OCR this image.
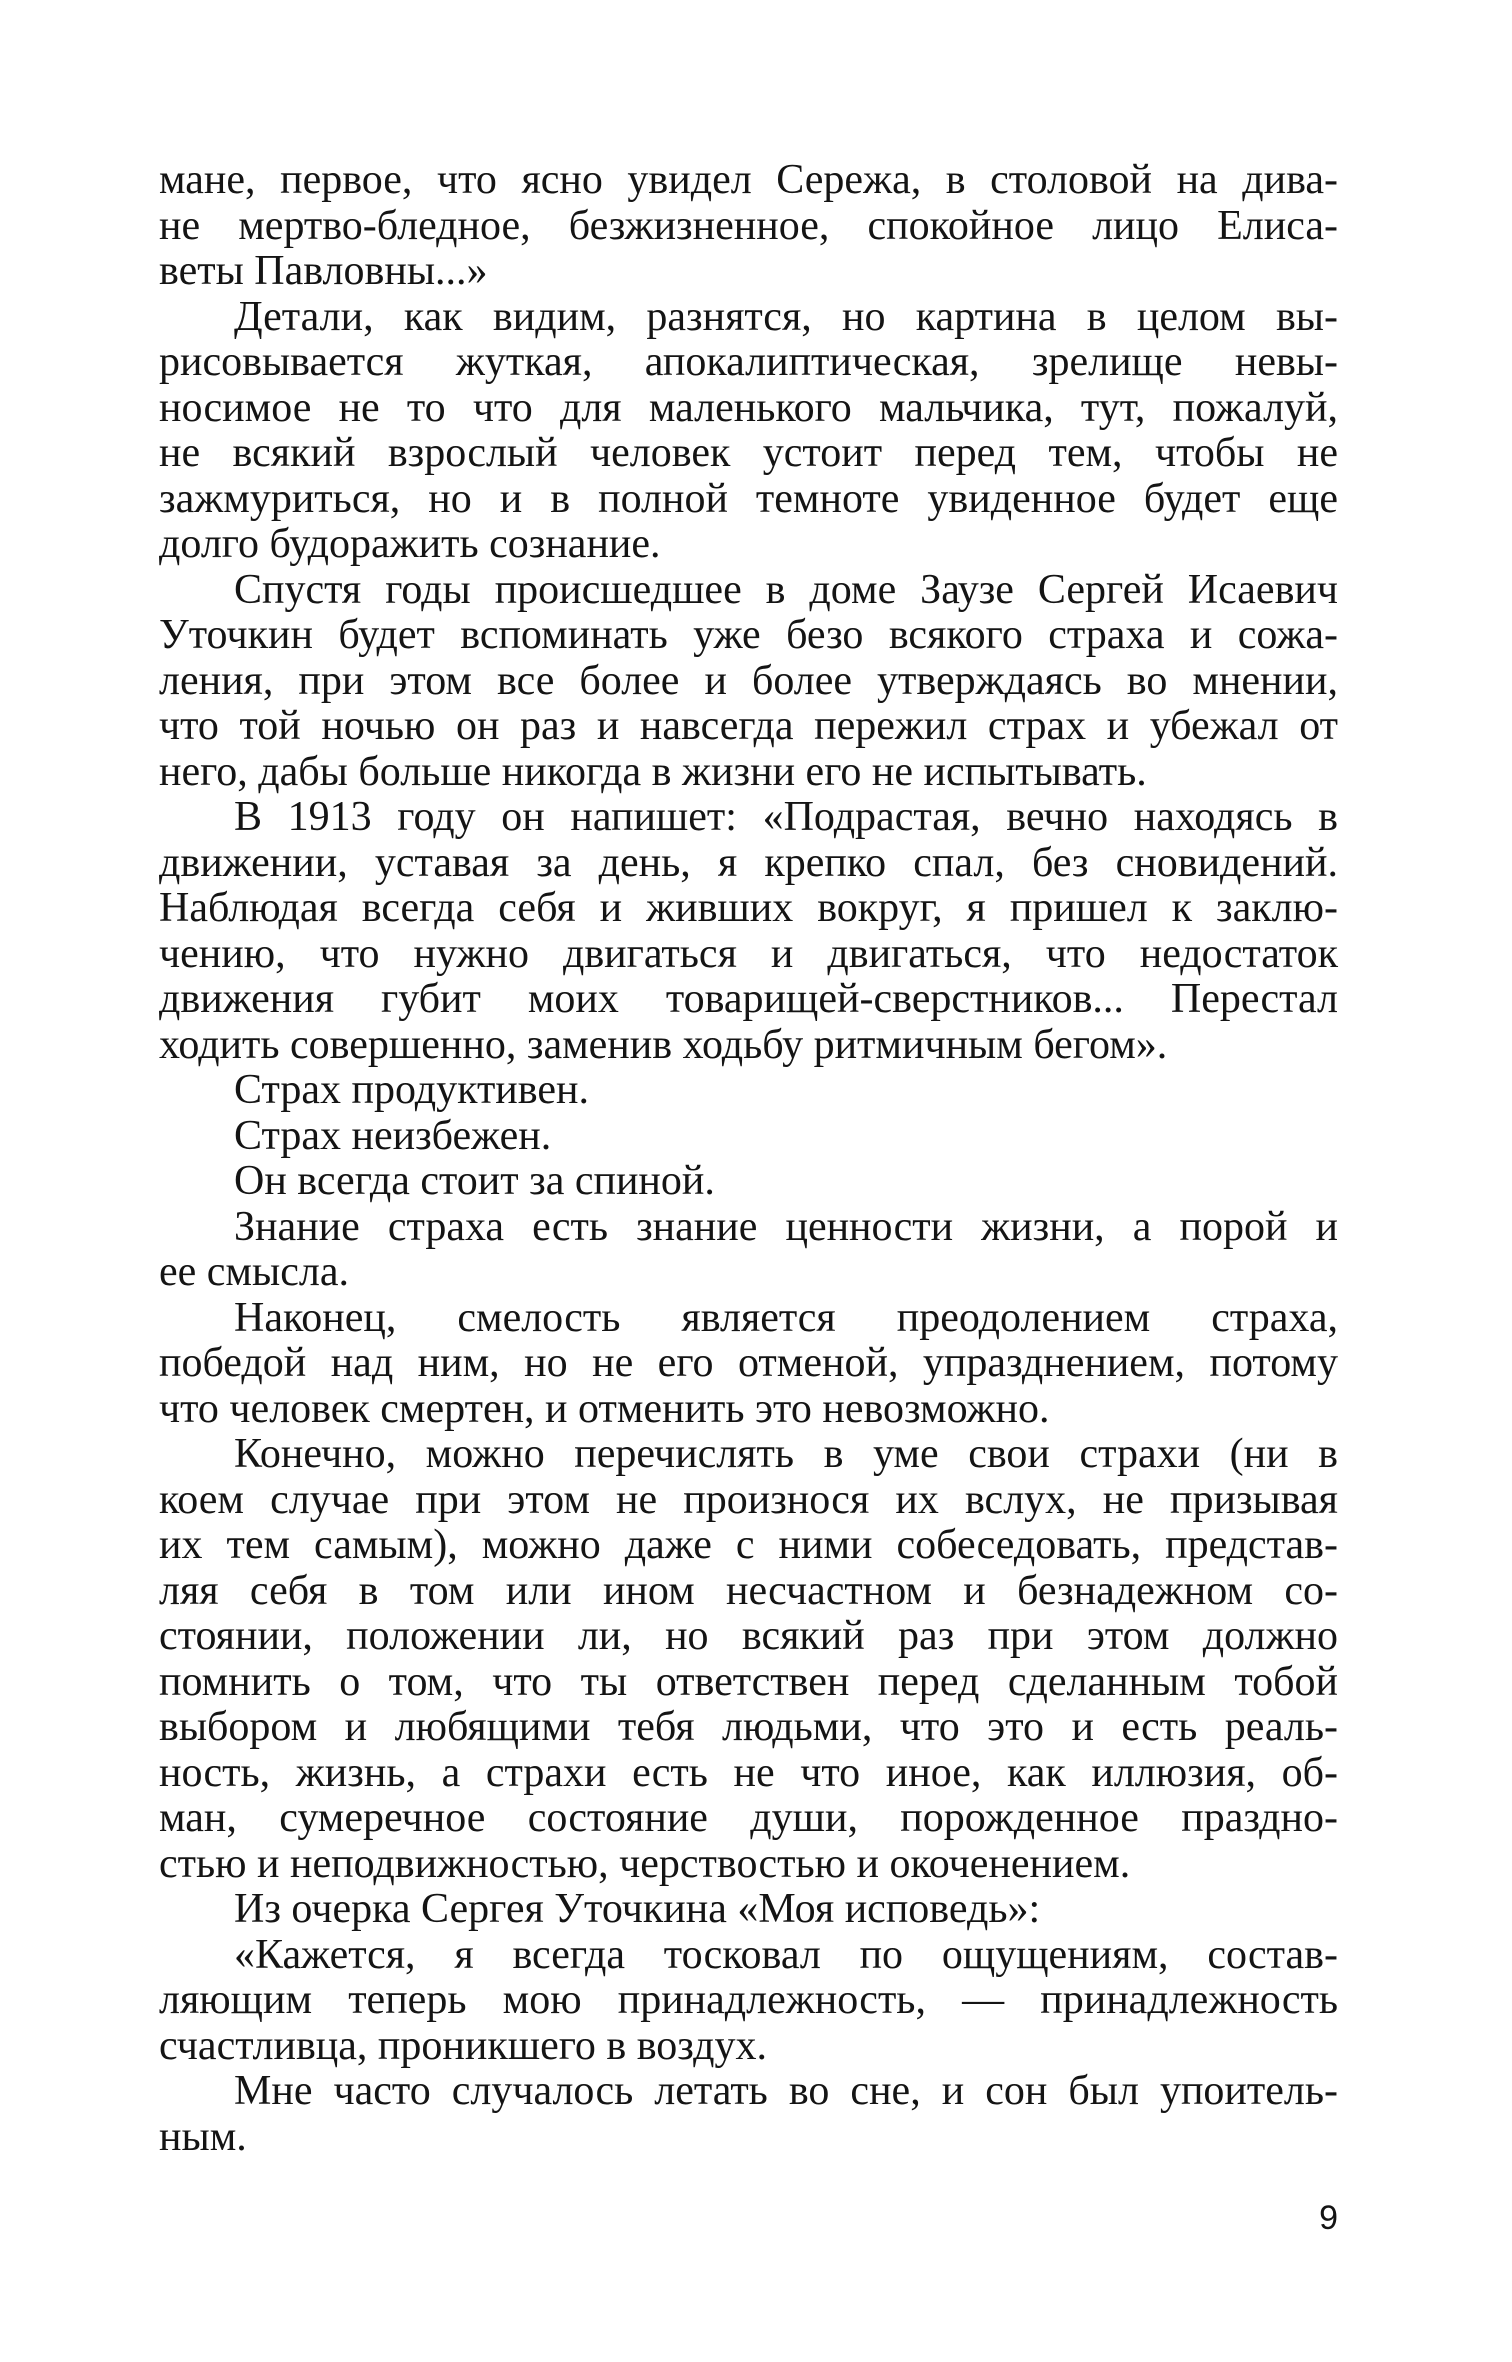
мане, первое, что ясно увидел Сережа, в столовой на дива-
не мертво-бледное, безжизненное, спокойное лицо Елиса-
веты Павловны...»
Детали, как видим, разнятся, но картина в целом вы-
рисовывается жуткая, апокалиптическая, зрелище невы-
носимое не то что для маленького мальчика, тут, пожалуй,
не всякий взрослый человек устоит перед тем, чтобы не
зажмуриться, но и в полной темноте увиденное будет еще
долго будоражить сознание.
Спустя годы происшедшее в доме Заузе Сергей Исаевич
Уточкин будет вспоминать уже безо всякого страха и сожа-
ления, при этом все более и более утверждаясь во мнении,
что той ночью он раз и навсегда пережил страх и убежал от
него, дабы больше никогда в жизни его не испытывать.
В 1913 году он напишет: «Подрастая, вечно находясь в
движении, уставая за день, я крепко спал, без сновидений.
Наблюдая всегда себя и живших вокруг, я пришел к заклю-
чению, что нужно двигаться и двигаться, что недостаток
движения губит моих товарищей-сверстников... Перестал
ходить совершенно, заменив ходьбу ритмичным бегом».
Страх продуктивен.
Страх неизбежен.
Он всегда стоит за спиной.
Знание страха есть знание ценности жизни, а порой и
ее смысла.
Наконец, смелость является преодолением страха,
победой над ним, но не его отменой, упразднением, потому
что человек смертен, и отменить это невозможно.
Конечно, можно перечислять в уме свои страхи (ни в
коем случае при этом не произнося их вслух, не призывая
их тем самым), можно даже с ними собеседовать, представ-
ляя себя в том или ином несчастном и безнадежном со-
стоянии, положении ли, но всякий раз при этом должно
помнить о том, что ты ответствен перед сделанным тобой
выбором и любящими тебя людьми, что это и есть реаль-
ность, жизнь, а страхи есть не что иное, как иллюзия, об-
ман, сумеречное состояние души, порожденное праздно-
стью и неподвижностью, черствостью и окоченением.
Из очерка Сергея Уточкина «Моя исповедь»:
«Кажется, я всегда тосковал по ощущениям, состав-
ляющим теперь мою принадлежность, — принадлежность
счастливца, проникшего в воздух.
Мне часто случалось летать во сне, и сон был упоитель-
ным.
9
